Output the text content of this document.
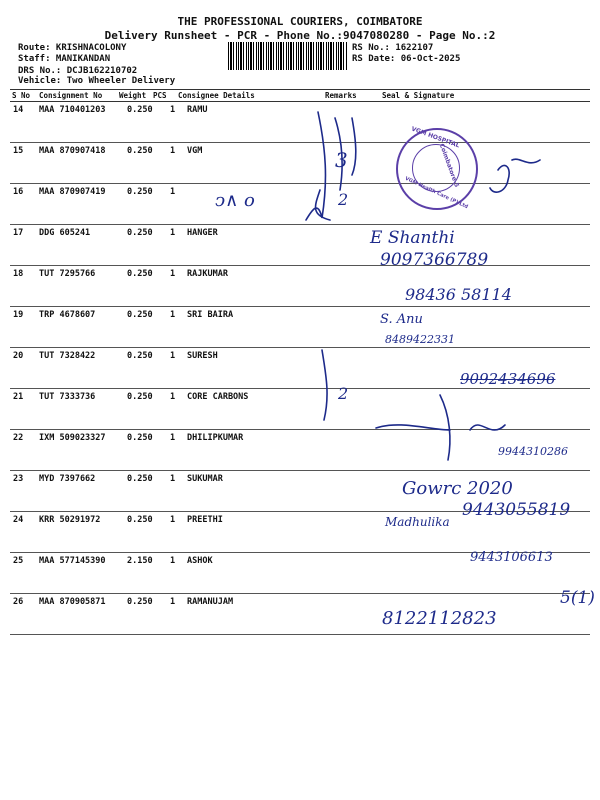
THE PROFESSIONAL COURIERS, COIMBATORE
Delivery Runsheet - PCR - Phone No.:9047080280 - Page No.:2
Route: KRISHNACOLONY
Staff: MANIKANDAN
DRS No.: DCJB162210702
Vehicle: Two Wheeler Delivery
RS No.: 1622107
RS Date: 06-Oct-2025
S No Consignment No Weight PCS Consignee Details	Remarks	Seal & Signature
14 MAA 710401203	0.250 1 RAMU
15 MAA 870907418	0.250 1 VGM
16 MAA 870907419	0.250 1
17 DDG 605241	0.250 1 HANGER
18 TUT 7295766	0.250 1 RAJKUMAR
19 TRP 4678607	0.250 1 SRI BAIRA
20 TUT 7328422	0.250 1 SURESH
21 TUT 7333736	0.250 1 CORE CARBONS
22 IXM 509023327	0.250 1 DHILIPKUMAR
23 MYD 7397662	0.250 1 SUKUMAR
24 KRR 50291972	0.250 1 PREETHI
25 MAA 577145390	2.150 1 ASHOK
26 MAA 870905871	0.250 1 RAMANUJAM
VGM HOSPITAL
Coimbatore-5
VGM Health Care (P) Ltd
3
ↄ∧ o	2
E Shanthi
9097366789
98436 58114
S. Anu
8489422331
9092434696
2
9944310286
Gowrc 2020
Madhulika
9443055819
9443106613
5(1)
8122112823
